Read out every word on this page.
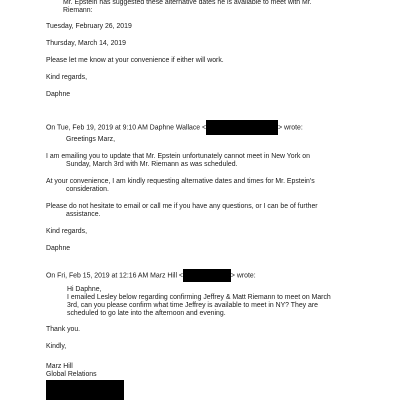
Mr. Epstein has suggested these alternative dates he is available to meet with Mr.

Riemann:

Tuesday, February 26, 2019

Thursday, March 14, 2019

Please let me know at your convenience if either will work.

Kind regards,

Daphne

On Tue, Feb 19, 2019 at 9:10 AM Daphne Wallace <	> wrote:

Greetings Marz,

I am emailing you to update that Mr. Epstein unfortunately cannot meet in New York on

Sunday, March 3rd with Mr. Riemann as was scheduled.

At your convenience, I am kindly requesting alternative dates and times for Mr. Epstein's

consideration.

Please do not hesitate to email or call me if you have any questions, or I can be of further

assistance.

Kind regards,

Daphne

On Fri, Feb 15, 2019 at 12:16 AM Marz Hill <	> wrote:

Hi Daphne,

I emailed Lesley below regarding confirming Jeffrey & Matt Riemann to meet on March

3rd, can you please confirm what time Jeffrey is available to meet in NY? They are

scheduled to go late into the afternoon and evening.

Thank you.

Kindly,

Marz Hill

Global Relations
